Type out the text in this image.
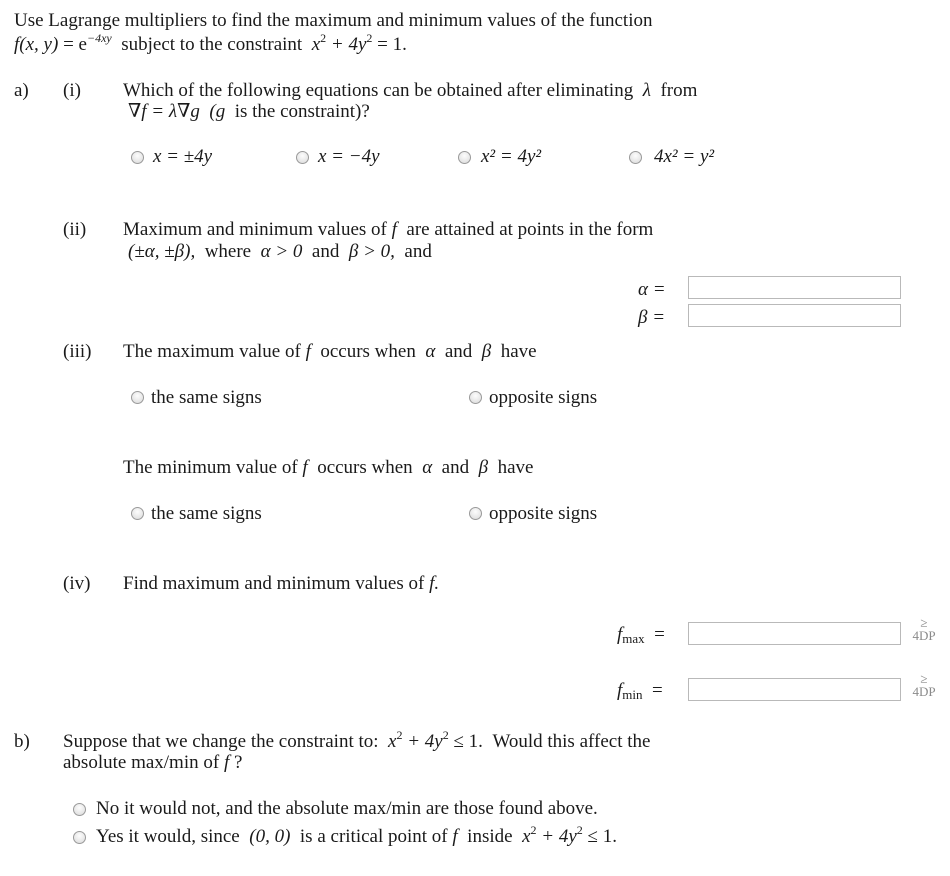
Use Lagrange multipliers to find the maximum and minimum values of the function
f(x, $y) = e^{-4xy}$ subject to the constraint $x^2 + 4y^2 = 1$.
a) (i) Which of the following equations can be obtained after eliminating λ from
∇f = λ∇g (g is the constraint)?
x = ±4y	x = −4y	x² = 4y²	4x² = y²
(ii) Maximum and minimum values of f are attained at points in the form
(±α, ±β), where α > 0 and β > 0, and
α =
β =
(iii) The maximum value of f occurs when α and β have
the same signs	opposite signs
The minimum value of f occurs when α and β have
the same signs	opposite signs
(iv) Find maximum and minimum values of f.
$f_{max}$ =
≥
4DP
$f_{min}$ =
≥
4DP
b) Suppose that we change the constraint to: $x^2 + 4y^2 \le 1$. Would this affect the
absolute max/min of f ?
No it would not, and the absolute max/min are those found above.
Yes it would, since (0, 0) is a critical point of f inside $x^2 + 4y^2 \le 1$.
